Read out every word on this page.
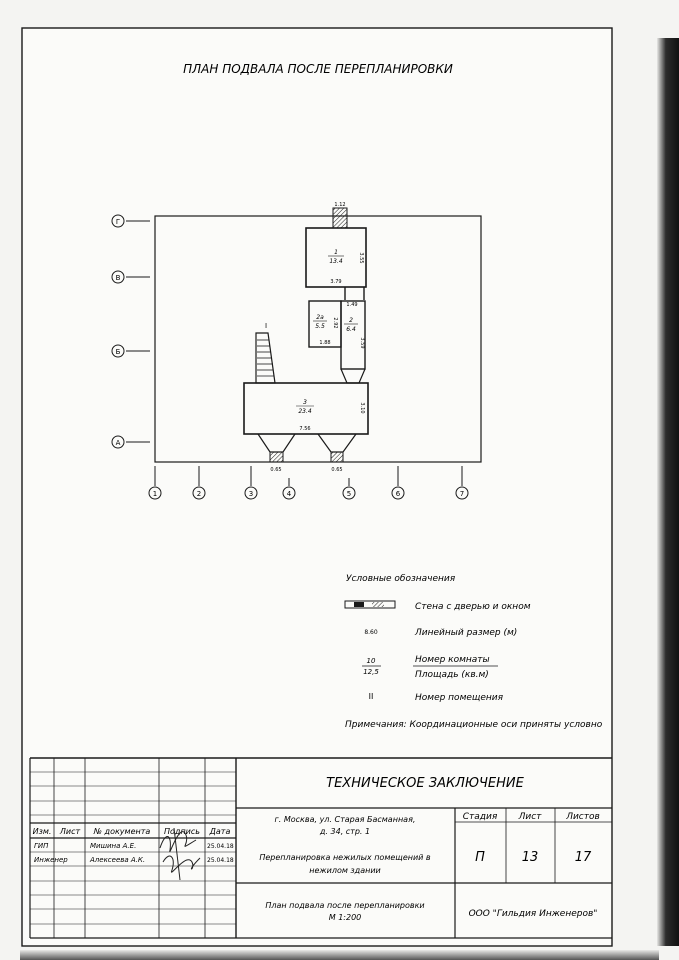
ПЛАН ПОДВАЛА ПОСЛЕ ПЕРЕПЛАНИРОВКИ
Г
В
Б
А
1	2	3	4	5	6	7
1.12
1
13.4	3.55
3.79
2а
5.5 2.92
1.88
1.49
2
6.4
3.59
I
3
23.4	3.10
7.56
0.65	0.65
Условные обозначения
Стена с дверью и окном
8.60	Линейный размер (м)
10
12,5
Номер комнаты
Площадь (кв.м)
II	Номер помещения
Примечания: Координационные оси приняты условно
ТЕХНИЧЕСКОЕ ЗАКЛЮЧЕНИЕ
Изм. Лист № документа Подпись Дата
ГИП	Мишина А.Е.	25.04.18
Инженер	Алексеева А.К.	25.04.18
г. Москва, ул. Старая Басманная,
д. 34, стр. 1
Перепланировка нежилых помещений в
нежилом здании
План подвала после перепланировки
М 1:200
Стадия Лист	Листов
П	13	17
ООО "Гильдия Инженеров"
